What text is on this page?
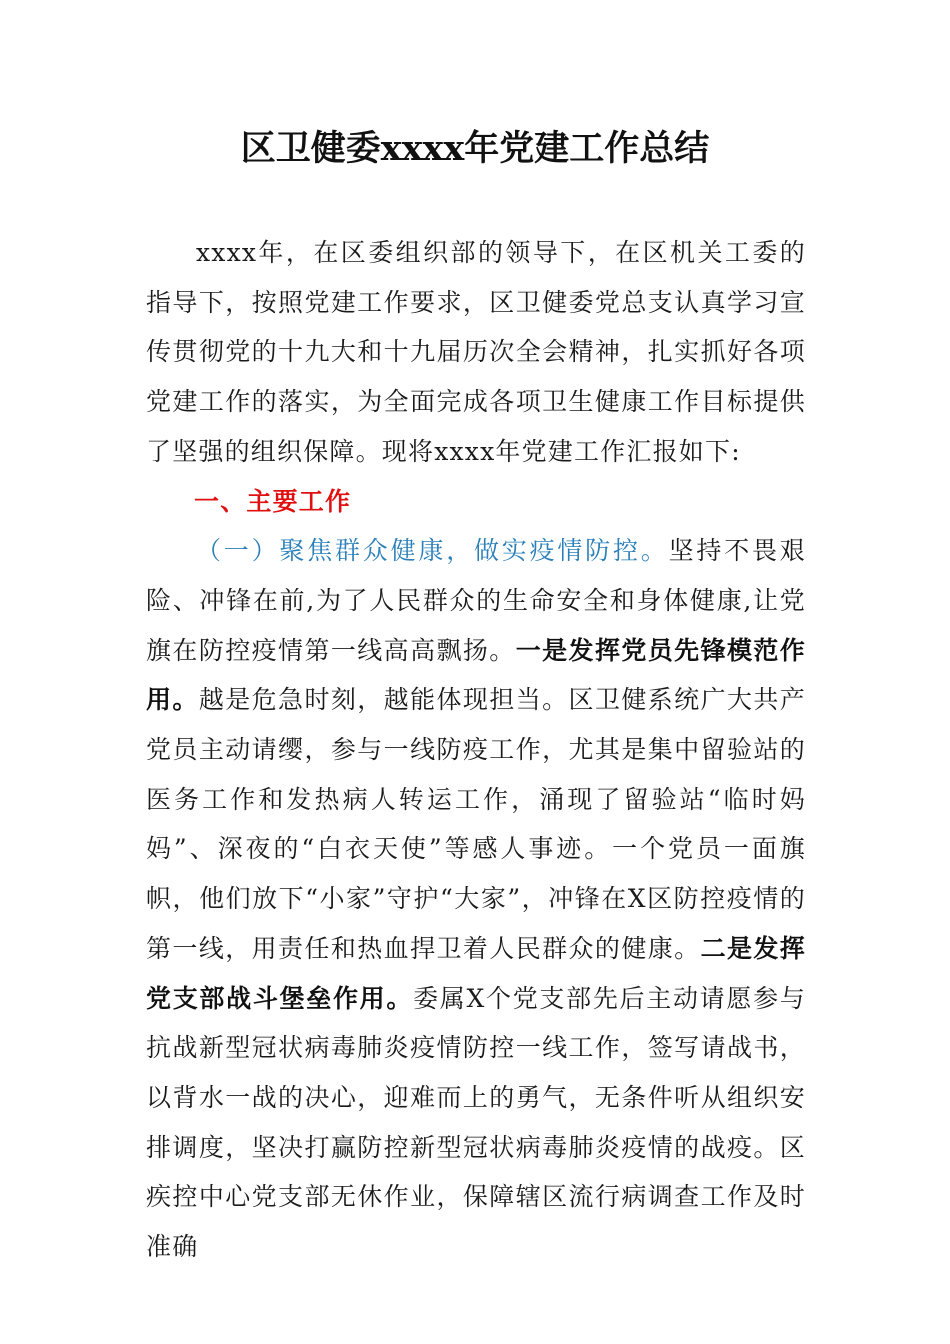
区卫健委xxxx年党建工作总结

xxxx年，在区委组织部的领导下，在区机关工委的指导下，按照党建工作要求，区卫健委党总支认真学习宣传贯彻党的十九大和十九届历次全会精神，扎实抓好各项党建工作的落实，为全面完成各项卫生健康工作目标提供了坚强的组织保障。现将xxxx年党建工作汇报如下:

一、主要工作

（一）聚焦群众健康，做实疫情防控。坚持不畏艰险、冲锋在前,为了人民群众的生命安全和身体健康,让党旗在防控疫情第一线高高飘扬。一是发挥党员先锋模范作用。越是危急时刻，越能体现担当。区卫健系统广大共产党员主动请缨，参与一线防疫工作，尤其是集中留验站的医务工作和发热病人转运工作，涌现了留验站“临时妈妈”、深夜的“白衣天使”等感人事迹。一个党员一面旗帜，他们放下“小家”守护“大家”，冲锋在X区防控疫情的第一线，用责任和热血捍卫着人民群众的健康。二是发挥党支部战斗堡垒作用。委属X个党支部先后主动请愿参与抗战新型冠状病毒肺炎疫情防控一线工作，签写请战书，以背水一战的决心，迎难而上的勇气，无条件听从组织安排调度，坚决打赢防控新型冠状病毒肺炎疫情的战疫。区疾控中心党支部无休作业，保障辖区流行病调查工作及时准确
